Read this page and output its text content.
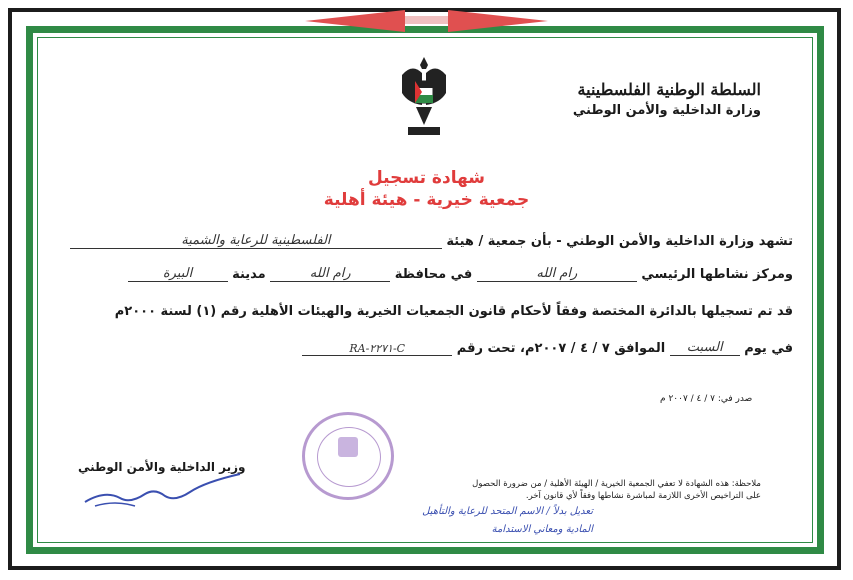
السلطة الوطنية الفلسطينية
وزارة الداخلية والأمن الوطني
شهادة تسجيل
جمعية خيرية - هيئة أهلية
تشهد وزارة الداخلية والأمن الوطني - بأن جمعية / هيئة الفلسطينية للرعاية والشمية
ومركز نشاطها الرئيسي رام الله في محافظة رام الله مدينة البيرة
قد تم تسجيلها بالدائرة المختصة وفقاً لأحكام قانون الجمعيات الخيرية والهيئات الأهلية رقم (١) لسنة ٢٠٠٠م
في يوم السبت الموافق ٧ / ٤ / ٢٠٠٧م، تحت رقم RA-٢٢٧١-C
صدر في: ٧ / ٤ / ٢٠٠٧ م
وزير الداخلية والأمن الوطني
ملاحظة: هذه الشهادة لا تعفي الجمعية الخيرية / الهيئة الأهلية / من ضرورة الحصول على التراخيص الأخرى اللازمة لمباشرة نشاطها وفقاً لأي قانون آخر.
تعديل بدلاً / الاسم المتحد للرعاية والتأهيل
المادية ومعاني الاستدامة
